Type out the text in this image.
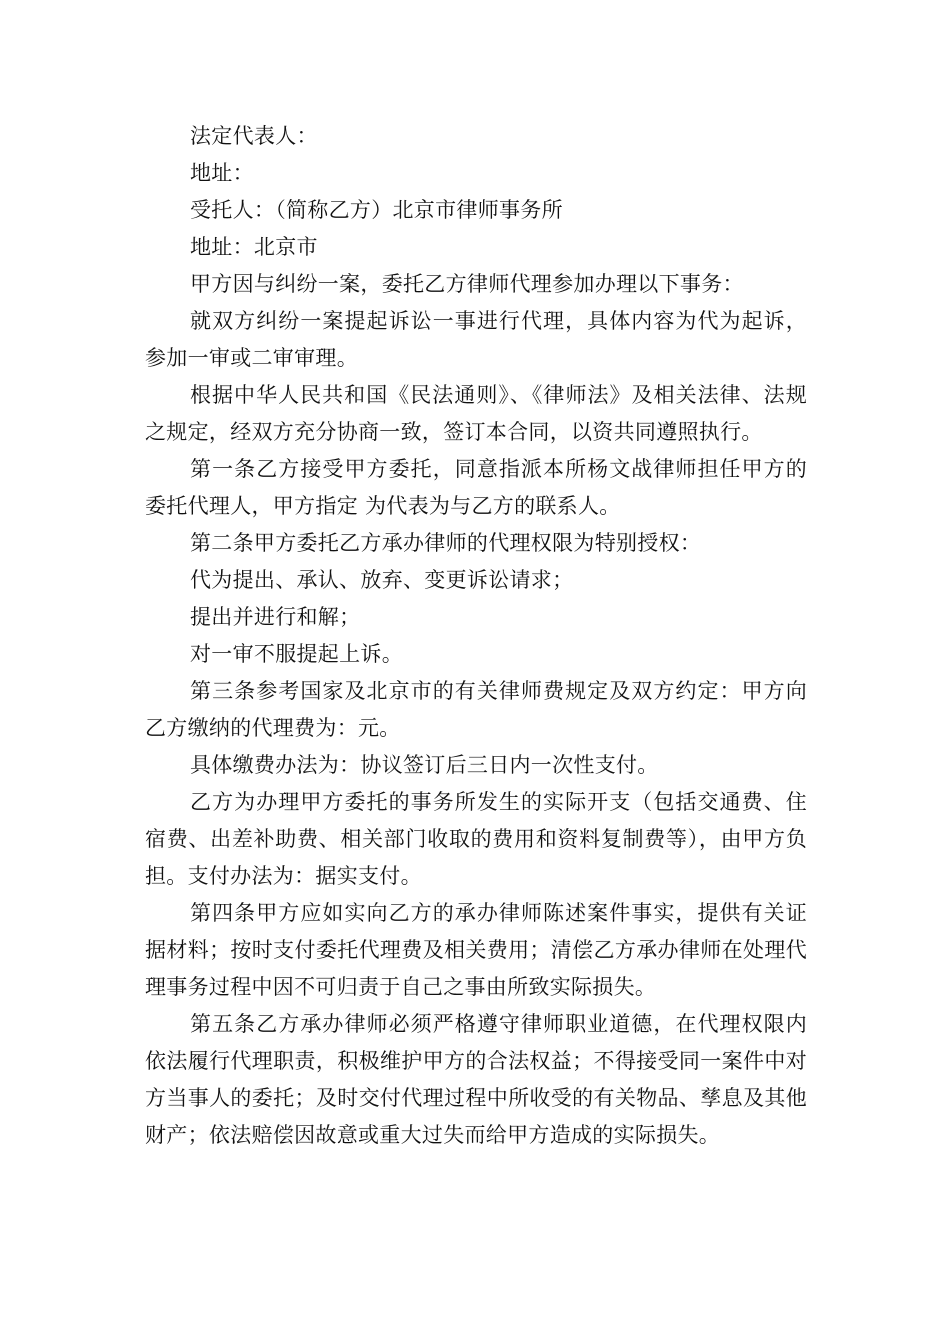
法定代表人：

地址：

受托人：（简称乙方）北京市律师事务所

地址：北京市

甲方因与纠纷一案，委托乙方律师代理参加办理以下事务：

就双方纠纷一案提起诉讼一事进行代理，具体内容为代为起诉，参加一审或二审审理。

根据中华人民共和国《民法通则》、《律师法》及相关法律、法规之规定，经双方充分协商一致，签订本合同，以资共同遵照执行。

第一条乙方接受甲方委托，同意指派本所杨文战律师担任甲方的委托代理人，甲方指定 为代表为与乙方的联系人。

第二条甲方委托乙方承办律师的代理权限为特别授权：

代为提出、承认、放弃、变更诉讼请求；

提出并进行和解；

对一审不服提起上诉。

第三条参考国家及北京市的有关律师费规定及双方约定：甲方向乙方缴纳的代理费为：元。

具体缴费办法为：协议签订后三日内一次性支付。

乙方为办理甲方委托的事务所发生的实际开支（包括交通费、住宿费、出差补助费、相关部门收取的费用和资料复制费等），由甲方负担。支付办法为：据实支付。

第四条甲方应如实向乙方的承办律师陈述案件事实，提供有关证据材料；按时支付委托代理费及相关费用；清偿乙方承办律师在处理代理事务过程中因不可归责于自己之事由所致实际损失。

第五条乙方承办律师必须严格遵守律师职业道德，在代理权限内依法履行代理职责，积极维护甲方的合法权益；不得接受同一案件中对方当事人的委托；及时交付代理过程中所收受的有关物品、孳息及其他财产；依法赔偿因故意或重大过失而给甲方造成的实际损失。
